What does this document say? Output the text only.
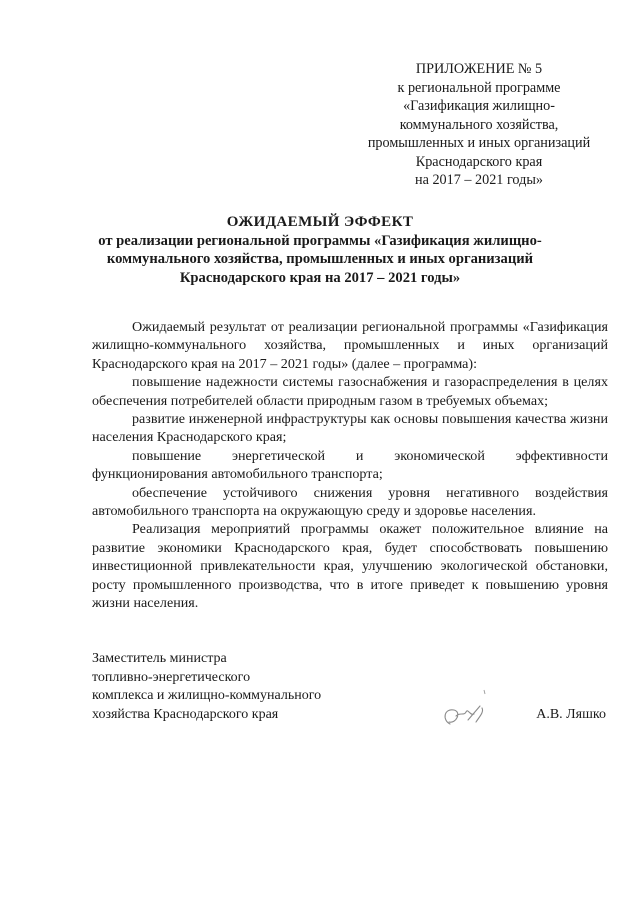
ПРИЛОЖЕНИЕ № 5
к региональной программе
«Газификация жилищно-
коммунального хозяйства,
промышленных и иных организаций
Краснодарского края
на 2017 – 2021 годы»
ОЖИДАЕМЫЙ ЭФФЕКТ
от реализации региональной программы «Газификация жилищно-
коммунального хозяйства, промышленных и иных организаций
Краснодарского края на 2017 – 2021 годы»

Ожидаемый результат от реализации региональной программы «Газификация жилищно-коммунального хозяйства, промышленных и иных организаций Краснодарского края на 2017 – 2021 годы» (далее – программа):

повышение надежности системы газоснабжения и газораспределения в целях обеспечения потребителей области природным газом в требуемых объемах;

развитие инженерной инфраструктуры как основы повышения качества жизни населения Краснодарского края;

повышение энергетической и экономической эффективности функционирования автомобильного транспорта;

обеспечение устойчивого снижения уровня негативного воздействия автомобильного транспорта на окружающую среду и здоровье населения.

Реализация мероприятий программы окажет положительное влияние на развитие экономики Краснодарского края, будет способствовать повышению инвестиционной привлекательности края, улучшению экологической обстановки, росту промышленного производства, что в итоге приведет к повышению уровня жизни населения.

Заместитель министра
топливно-энергетического
комплекса и жилищно-коммунального
хозяйства Краснодарского края	А.В. Ляшко
